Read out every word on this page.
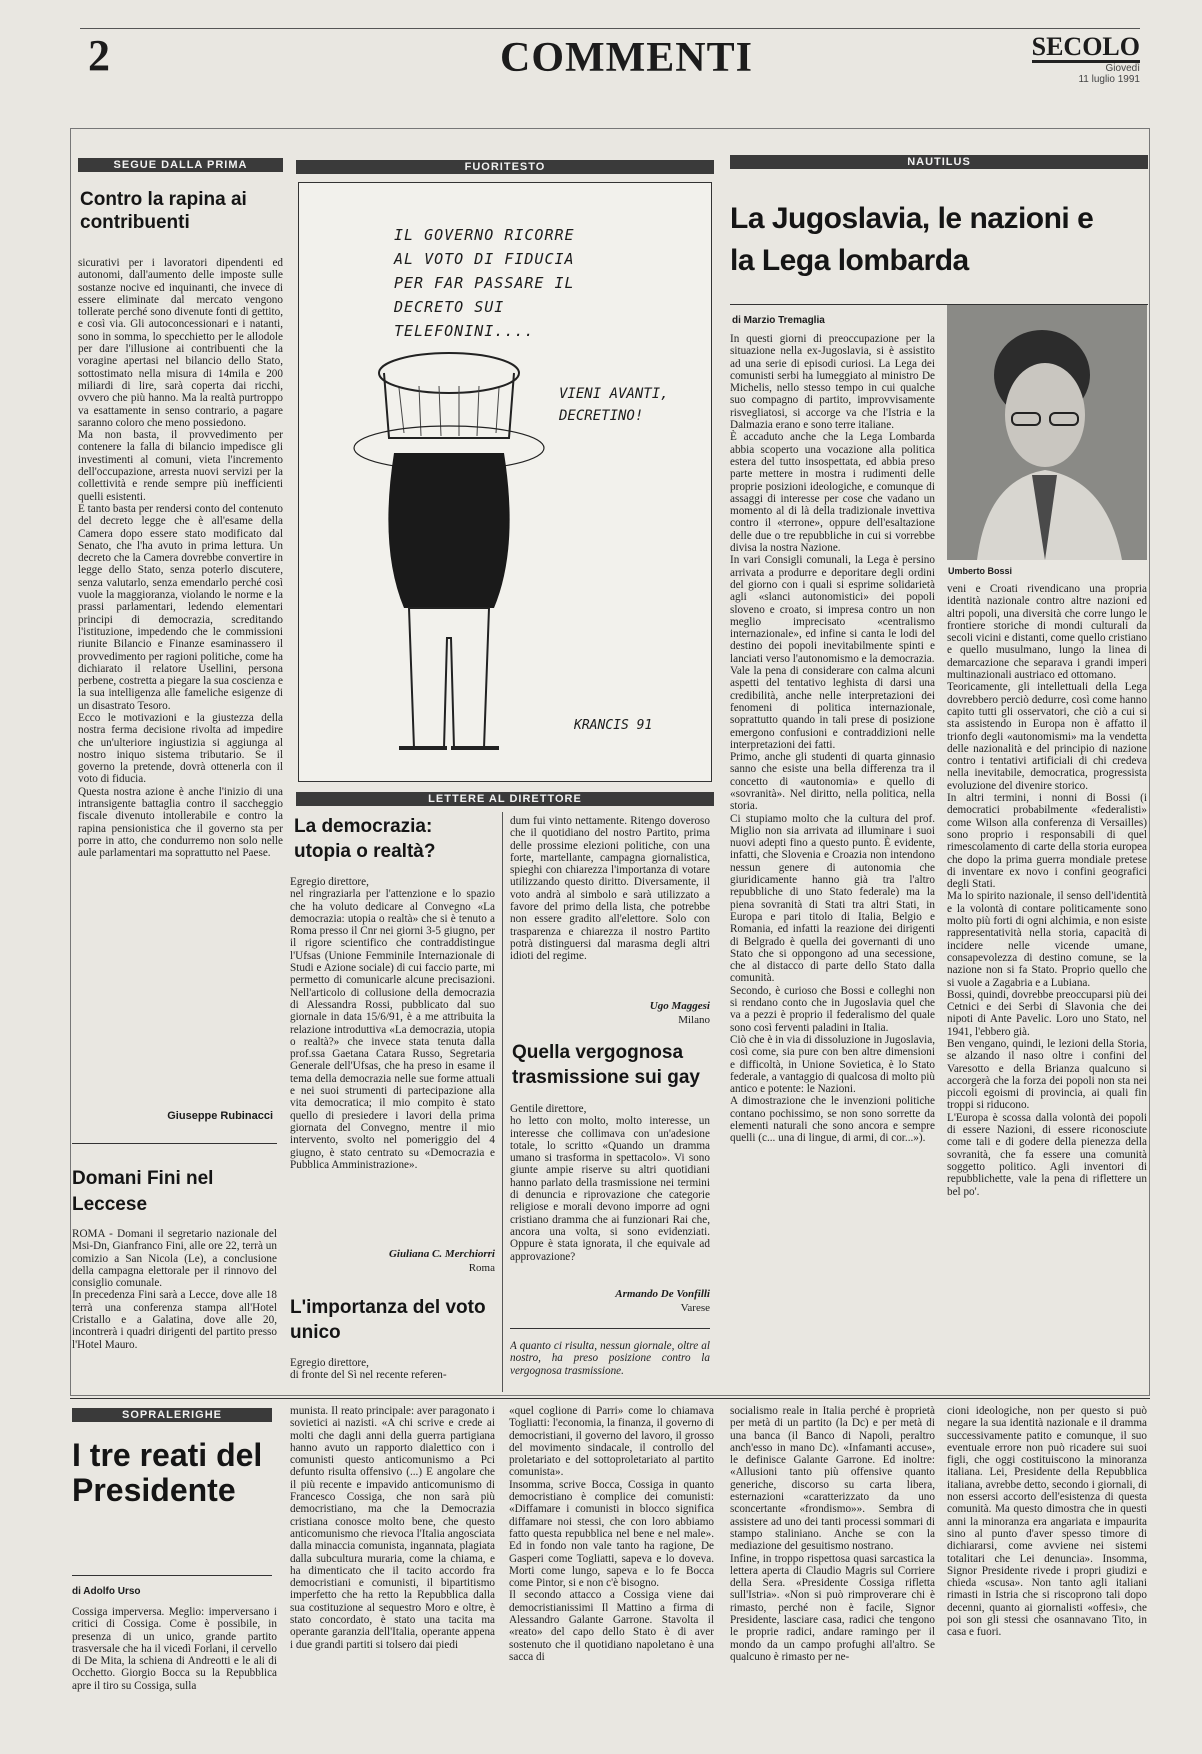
2	COMMENTI	SECOLO
Giovedì
11 luglio 1991
SEGUE DALLA PRIMA
Contro la rapina ai contribuenti
sicurativi per i lavoratori dipendenti ed autonomi, dall'aumento delle imposte sulle sostanze nocive ed inquinanti, che invece di essere eliminate dal mercato vengono tollerate perché sono divenute fonti di gettito, e così via. Gli autoconcessionari e i natanti, sono in somma, lo specchietto per le allodole per dare l'illusione ai contribuenti che la voragine apertasi nel bilancio dello Stato, sottostimato nella misura di 14mila e 200 miliardi di lire, sarà coperta dai ricchi, ovvero che più hanno. Ma la realtà purtroppo va esattamente in senso contrario, a pagare saranno coloro che meno possiedono.
Ma non basta, il provvedimento per contenere la falla di bilancio impedisce gli investimenti al comuni, vieta l'incremento dell'occupazione, arresta nuovi servizi per la collettività e rende sempre più inefficienti quelli esistenti.
E tanto basta per rendersi conto del contenuto del decreto legge che è all'esame della Camera dopo essere stato modificato dal Senato, che l'ha avuto in prima lettura. Un decreto che la Camera dovrebbe convertire in legge dello Stato, senza poterlo discutere, senza valutarlo, senza emendarlo perché così vuole la maggioranza, violando le norme e la prassi parlamentari, ledendo elementari principi di democrazia, screditando l'istituzione, impedendo che le commissioni riunite Bilancio e Finanze esaminassero il provvedimento per ragioni politiche, come ha dichiarato il relatore Usellini, persona perbene, costretta a piegare la sua coscienza e la sua intelligenza alle fameliche esigenze di un disastrato Tesoro.
Ecco le motivazioni e la giustezza della nostra ferma decisione rivolta ad impedire che un'ulteriore ingiustizia si aggiunga al nostro iniquo sistema tributario. Se il governo la pretende, dovrà ottenerla con il voto di fiducia.
Questa nostra azione è anche l'inizio di una intransigente battaglia contro il saccheggio fiscale divenuto intollerabile e contro la rapina pensionistica che il governo sta per porre in atto, che condurremo non solo nelle aule parlamentari ma soprattutto nel Paese.
Giuseppe Rubinacci
Domani Fini nel Leccese
ROMA - Domani il segretario nazionale del Msi-Dn, Gianfranco Fini, alle ore 22, terrà un comizio a San Nicola (Le), a conclusione della campagna elettorale per il rinnovo del consiglio comunale.
In precedenza Fini sarà a Lecce, dove alle 18 terrà una conferenza stampa all'Hotel Cristallo e a Galatina, dove alle 20, incontrerà i quadri dirigenti del partito presso l'Hotel Mauro.
FUORITESTO
IL GOVERNO RICORRE AL VOTO DI FIDUCIA PER FAR PASSARE IL DECRETO SUI TELEFONINI....
VIENI AVANTI, DECRETINO!
KRANCIS 91
LETTERE AL DIRETTORE
La democrazia: utopia o realtà?
Egregio direttore,
nel ringraziarla per l'attenzione e lo spazio che ha voluto dedicare al Convegno «La democrazia: utopia o realtà» che si è tenuto a Roma presso il Cnr nei giorni 3-5 giugno, per il rigore scientifico che contraddistingue l'Ufsas (Unione Femminile Internazionale di Studi e Azione sociale) di cui faccio parte, mi permetto di comunicarle alcune precisazioni. Nell'articolo di collusione della democrazia di Alessandra Rossi, pubblicato dal suo giornale in data 15/6/91, è a me attribuita la relazione introduttiva «La democrazia, utopia o realtà?» che invece stata tenuta dalla prof.ssa Gaetana Catara Russo, Segretaria Generale dell'Ufsas, che ha preso in esame il tema della democrazia nelle sue forme attuali e nei suoi strumenti di partecipazione alla vita democratica; il mio compito è stato quello di presiedere i lavori della prima giornata del Convegno, mentre il mio intervento, svolto nel pomeriggio del 4 giugno, è stato centrato su «Democrazia e Pubblica Amministrazione».
Giuliana C. Merchiorri
Roma
L'importanza del voto unico
Egregio direttore,
di fronte del Sì nel recente referen-
dum fui vinto nettamente. Ritengo doveroso che il quotidiano del nostro Partito, prima delle prossime elezioni politiche, con una forte, martellante, campagna giornalistica, spieghi con chiarezza l'importanza di votare utilizzando questo diritto. Diversamente, il voto andrà al simbolo e sarà utilizzato a favore del primo della lista, che potrebbe non essere gradito all'elettore. Solo con trasparenza e chiarezza il nostro Partito potrà distinguersi dal marasma degli altri idioti del regime.
Ugo Maggesi
Milano
Quella vergognosa trasmissione sui gay
Gentile direttore,
ho letto con molto, molto interesse, un interesse che collimava con un'adesione totale, lo scritto «Quando un dramma umano si trasforma in spettacolo». Vi sono giunte ampie riserve su altri quotidiani hanno parlato della trasmissione nei termini di denuncia e riprovazione che categorie religiose e morali devono imporre ad ogni cristiano dramma che ai funzionari Rai che, ancora una volta, si sono evidenziati. Oppure è stata ignorata, il che equivale ad approvazione?
Armando De Vonfilli
Varese
A quanto ci risulta, nessun giornale, oltre al nostro, ha preso posizione contro la vergognosa trasmissione.
NAUTILUS
La Jugoslavia, le nazioni e la Lega lombarda
di Marzio Tremaglia
In questi giorni di preoccupazione per la situazione nella ex-Jugoslavia, si è assistito ad una serie di episodi curiosi. La Lega dei comunisti serbi ha lumeggiato al ministro De Michelis, nello stesso tempo in cui qualche suo compagno di partito, improvvisamente risvegliatosi, si accorge va che l'Istria e la Dalmazia erano e sono terre italiane.
È accaduto anche che la Lega Lombarda abbia scoperto una vocazione alla politica estera del tutto insospettata, ed abbia preso parte mettere in mostra i rudimenti delle proprie posizioni ideologiche, e comunque di assaggi di interesse per cose che vadano un momento al di là della tradizionale invettiva contro il «terrone», oppure dell'esaltazione delle due o tre repubbliche in cui si vorrebbe divisa la nostra Nazione.
In vari Consigli comunali, la Lega è persino arrivata a produrre e deporitare degli ordini del giorno con i quali si esprime solidarietà agli «slanci autonomistici» dei popoli sloveno e croato, si impresa contro un non meglio imprecisato «centralismo internazionale», ed infine si canta le lodi del destino dei popoli inevitabilmente spinti e lanciati verso l'autonomismo e la democrazia.
Vale la pena di considerare con calma alcuni aspetti del tentativo leghista di darsi una credibilità, anche nelle interpretazioni dei fenomeni di politica internazionale, soprattutto quando in tali prese di posizione emergono confusioni e contraddizioni nelle interpretazioni dei fatti.
Primo, anche gli studenti di quarta ginnasio sanno che esiste una bella differenza tra il concetto di «autonomia» e quello di «sovranità». Nel diritto, nella politica, nella storia.
Ci stupiamo molto che la cultura del prof. Miglio non sia arrivata ad illuminare i suoi nuovi adepti fino a questo punto. È evidente, infatti, che Slovenia e Croazia non intendono nessun genere di autonomia che giuridicamente hanno già tra l'altro repubbliche di uno Stato federale) ma la piena sovranità di Stati tra altri Stati, in Europa e pari titolo di Italia, Belgio e Romania, ed infatti la reazione dei dirigenti di Belgrado è quella dei governanti di uno Stato che si oppongono ad una secessione, che al distacco di parte dello Stato dalla comunità.
Secondo, è curioso che Bossi e colleghi non si rendano conto che in Jugoslavia quel che va a pezzi è proprio il federalismo del quale sono così ferventi paladini in Italia.
Ciò che è in via di dissoluzione in Jugoslavia, così come, sia pure con ben altre dimensioni e difficoltà, in Unione Sovietica, è lo Stato federale, a vantaggio di qualcosa di molto più antico e potente: le Nazioni.
A dimostrazione che le invenzioni politiche contano pochissimo, se non sono sorrette da elementi naturali che sono ancora e sempre quelli (c... una di lingue, di armi, di cor...»).
Umberto Bossi
veni e Croati rivendicano una propria identità nazionale contro altre nazioni ed altri popoli, una diversità che corre lungo le frontiere storiche di mondi culturali da secoli vicini e distanti, come quello cristiano e quello musulmano, lungo la linea di demarcazione che separava i grandi imperi multinazionali austriaco ed ottomano.
Teoricamente, gli intellettuali della Lega dovrebbero perciò dedurre, così come hanno capito tutti gli osservatori, che ciò a cui si sta assistendo in Europa non è affatto il trionfo degli «autonomismi» ma la vendetta delle nazionalità e del principio di nazione contro i tentativi artificiali di chi credeva nella inevitabile, democratica, progressista evoluzione del divenire storico.
In altri termini, i nonni di Bossi (i democratici probabilmente «federalisti» come Wilson alla conferenza di Versailles) sono proprio i responsabili di quel rimescolamento di carte della storia europea che dopo la prima guerra mondiale pretese di inventare ex novo i confini geografici degli Stati.
Ma lo spirito nazionale, il senso dell'identità e la volontà di contare politicamente sono molto più forti di ogni alchimia, e non esiste rappresentatività nella storia, capacità di incidere nelle vicende umane, consapevolezza di destino comune, se la nazione non si fa Stato. Proprio quello che si vuole a Zagabria e a Lubiana.
Bossi, quindi, dovrebbe preoccuparsi più dei Cetnici e dei Serbi di Slavonia che dei nipoti di Ante Pavelic. Loro uno Stato, nel 1941, l'ebbero già.
Ben vengano, quindi, le lezioni della Storia, se alzando il naso oltre i confini del Varesotto e della Brianza qualcuno si accorgerà che la forza dei popoli non sta nei piccoli egoismi di provincia, ai quali fin troppi si riducono.
L'Europa è scossa dalla volontà dei popoli di essere Nazioni, di essere riconosciute come tali e di godere della pienezza della sovranità, che fa essere una comunità soggetto politico. Agli inventori di repubblichette, vale la pena di riflettere un bel po'.
SOPRALERIGHE
I tre reati del Presidente
di Adolfo Urso
Cossiga imperversa. Meglio: imperversano i critici di Cossiga. Come è possibile, in presenza di un unico, grande partito trasversale che ha il vicedì Forlani, il cervello di De Mita, la schiena di Andreotti e le ali di Occhetto. Giorgio Bocca su la Repubblica apre il tiro su Cossiga, sulla
munista. Il reato principale: aver paragonato i sovietici ai nazisti. «A chi scrive e crede ai molti che dagli anni della guerra partigiana hanno avuto un rapporto dialettico con i comunisti questo anticomunismo a Pci defunto risulta offensivo (...) E angolare che il più recente e impavido anticomunismo di Francesco Cossiga, che non sarà più democristiano, ma che la Democrazia cristiana conosce molto bene, che questo anticomunismo che rievoca l'Italia angosciata dalla minaccia comunista, ingannata, plagiata dalla subcultura muraria, come la chiama, e ha dimenticato che il tacito accordo fra democristiani e comunisti, il bipartitismo imperfetto che ha retto la Repubblica dalla sua costituzione al sequestro Moro e oltre, è stato concordato, è stato una tacita ma operante garanzia dell'Italia, operante appena i due grandi partiti si tolsero dai piedi
«quel coglione di Parri» come lo chiamava Togliatti: l'economia, la finanza, il governo di democristiani, il governo del lavoro, il grosso del movimento sindacale, il controllo del proletariato e del sottoproletariato al partito comunista».
Insomma, scrive Bocca, Cossiga in quanto democristiano è complice dei comunisti: «Diffamare i comunisti in blocco significa diffamare noi stessi, che con loro abbiamo fatto questa repubblica nel bene e nel male». Ed in fondo non vale tanto ha ragione, De Gasperi come Togliatti, sapeva e lo doveva. Morti come lungo, sapeva e lo fe Bocca come Pintor, si e non c'è bisogno.
Il secondo attacco a Cossiga viene dai democristianissimi Il Mattino a firma di Alessandro Galante Garrone. Stavolta il «reato» del capo dello Stato è di aver sostenuto che il quotidiano napoletano è una sacca di
socialismo reale in Italia perché è proprietà per metà di un partito (la Dc) e per metà di una banca (il Banco di Napoli, peraltro anch'esso in mano Dc). «Infamanti accuse», le definisce Galante Garrone. Ed inoltre: «Allusioni tanto più offensive quanto generiche, discorso su carta libera, esternazioni «caratterizzato da uno sconcertante «frondismo»». Sembra di assistere ad uno dei tanti processi sommari di stampo staliniano. Anche se con la mediazione del gesuitismo nostrano.
Infine, in troppo rispettosa quasi sarcastica la lettera aperta di Claudio Magris sul Corriere della Sera. «Presidente Cossiga rifletta sull'Istria». «Non si può rimproverare chi è rimasto, perché non è facile, Signor Presidente, lasciare casa, radici che tengono le proprie radici, andare ramingo per il mondo da un campo profughi all'altro. Se qualcuno è rimasto per ne-
cioni ideologiche, non per questo si può negare la sua identità nazionale e il dramma successivamente patito e comunque, il suo eventuale errore non può ricadere sui suoi figli, che oggi costituiscono la minoranza italiana. Lei, Presidente della Repubblica italiana, avrebbe detto, secondo i giornali, di non essersi accorto dell'esistenza di questa comunità. Ma questo dimostra che in questi anni la minoranza era angariata e impaurita sino al punto d'aver spesso timore di dichiararsi, come avviene nei sistemi totalitari che Lei denuncia». Insomma, Signor Presidente rivede i propri giudizi e chieda «scusa». Non tanto agli italiani rimasti in Istria che si riscoprono tali dopo decenni, quanto ai giornalisti «offesi», che poi son gli stessi che osannavano Tito, in casa e fuori.
